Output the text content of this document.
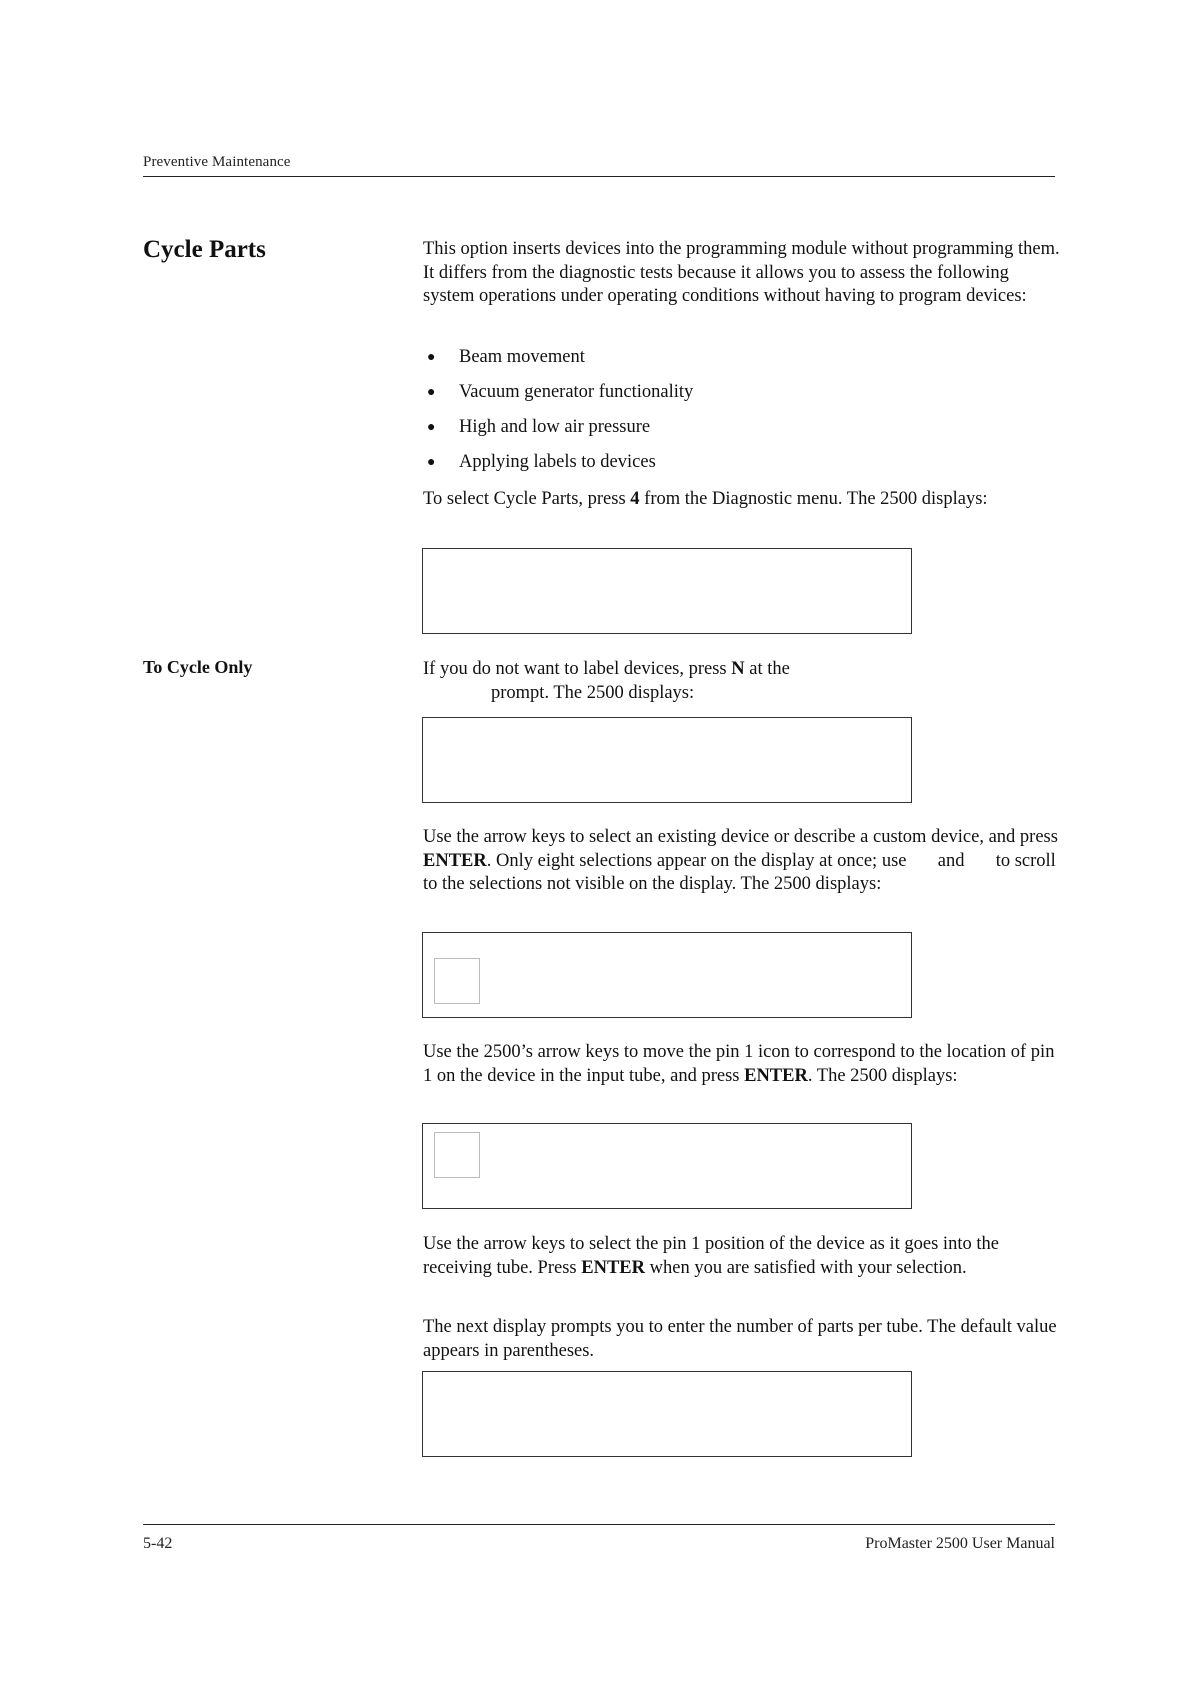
Preventive Maintenance
Cycle Parts	This option inserts devices into the programming module without programming them. It differs from the diagnostic tests because it allows you to assess the following system operations under operating conditions without having to program devices:
● Beam movement
● Vacuum generator functionality
● High and low air pressure
● Applying labels to devices
To select Cycle Parts, press 4 from the Diagnostic menu. The 2500 displays:
To Cycle Only	If you do not want to label devices, press N at the
prompt. The 2500 displays:
Use the arrow keys to select an existing device or describe a custom device, and press ENTER. Only eight selections appear on the display at once; use and to scroll to the selections not visible on the display. The 2500 displays:
Use the 2500’s arrow keys to move the pin 1 icon to correspond to the location of pin 1 on the device in the input tube, and press ENTER. The 2500 displays:
Use the arrow keys to select the pin 1 position of the device as it goes into the receiving tube. Press ENTER when you are satisfied with your selection.
The next display prompts you to enter the number of parts per tube. The default value appears in parentheses.
5-42	ProMaster 2500 User Manual
